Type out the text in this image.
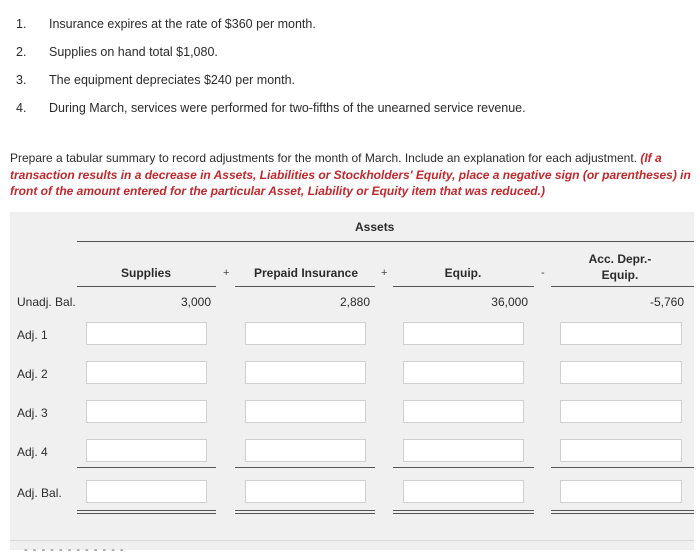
1.	Insurance expires at the rate of $360 per month.
2.	Supplies on hand total $1,080.
3.	The equipment depreciates $240 per month.
4.	During March, services were performed for two-fifths of the unearned service revenue.

Prepare a tabular summary to record adjustments for the month of March. Include an explanation for each adjustment. (If a transaction results in a decrease in Assets, Liabilities or Stockholders' Equity, place a negative sign (or parentheses) in front of the amount entered for the particular Asset, Liability or Equity item that was reduced.)

- - - - - - - - - - - -
Assets
Supplies	+	Prepaid Insurance	+	Equip.	-
Acc. Depr.-
Equip.
Unadj. Bal.	3,000	2,880	36,000	-5,760
Adj. 1
Adj. 2
Adj. 3
Adj. 4
Adj. Bal.
